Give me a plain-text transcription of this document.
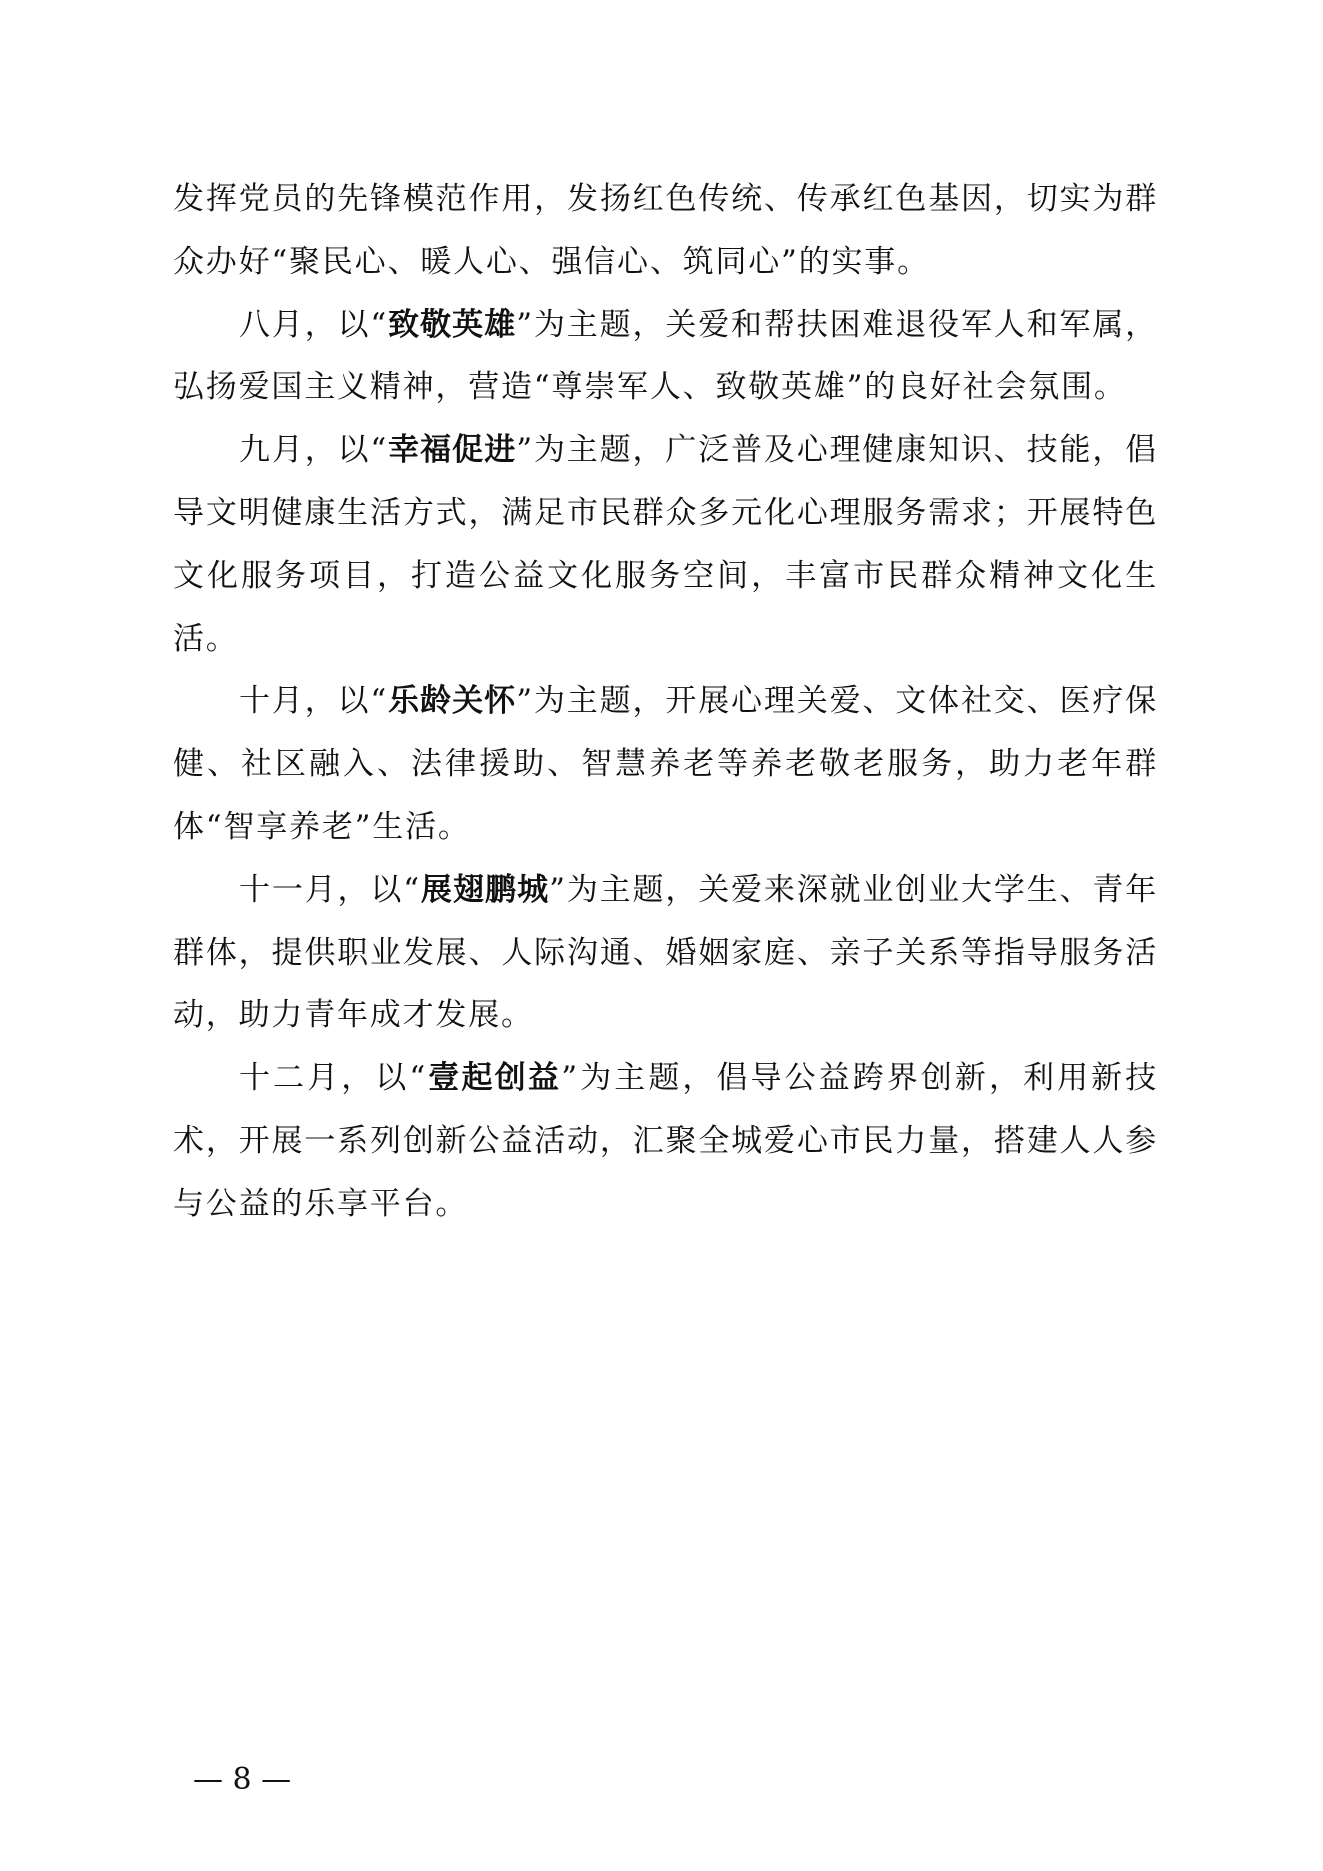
发挥党员的先锋模范作用，发扬红色传统、传承红色基因，切实为群众办好“聚民心、暖人心、强信心、筑同心”的实事。

八月，以“致敬英雄”为主题，关爱和帮扶困难退役军人和军属，弘扬爱国主义精神，营造“尊崇军人、致敬英雄”的良好社会氛围。

九月，以“幸福促进”为主题，广泛普及心理健康知识、技能，倡导文明健康生活方式，满足市民群众多元化心理服务需求；开展特色文化服务项目，打造公益文化服务空间，丰富市民群众精神文化生活。

十月，以“乐龄关怀”为主题，开展心理关爱、文体社交、医疗保健、社区融入、法律援助、智慧养老等养老敬老服务，助力老年群体“智享养老”生活。

十一月，以“展翅鹏城”为主题，关爱来深就业创业大学生、青年群体，提供职业发展、人际沟通、婚姻家庭、亲子关系等指导服务活动，助力青年成才发展。

十二月，以“壹起创益”为主题，倡导公益跨界创新，利用新技术，开展一系列创新公益活动，汇聚全城爱心市民力量，搭建人人参与公益的乐享平台。

— 8 —
